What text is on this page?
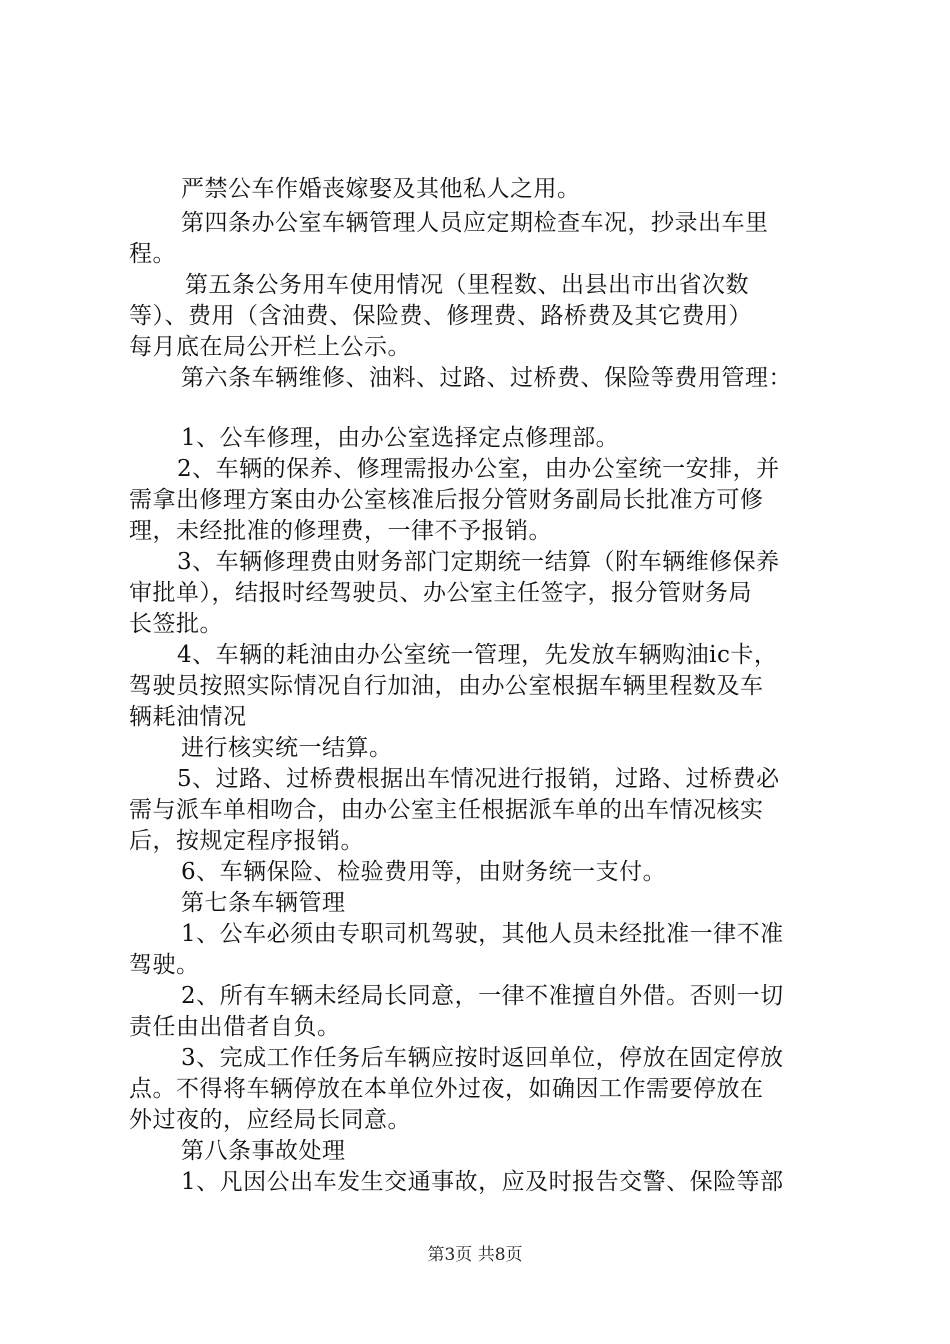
严禁公车作婚丧嫁娶及其他私人之用。
第四条办公室车辆管理人员应定期检查车况，抄录出车里
程。
第五条公务用车使用情况（里程数、出县出市出省次数
等）、费用（含油费、保险费、修理费、路桥费及其它费用）
每月底在局公开栏上公示。
第六条车辆维修、油料、过路、过桥费、保险等费用管理：
1、公车修理，由办公室选择定点修理部。
2、车辆的保养、修理需报办公室，由办公室统一安排，并
需拿出修理方案由办公室核准后报分管财务副局长批准方可修
理，未经批准的修理费，一律不予报销。
3、车辆修理费由财务部门定期统一结算（附车辆维修保养
审批单），结报时经驾驶员、办公室主任签字，报分管财务局
长签批。
4、车辆的耗油由办公室统一管理，先发放车辆购油ic卡，
驾驶员按照实际情况自行加油，由办公室根据车辆里程数及车
辆耗油情况
进行核实统一结算。
5、过路、过桥费根据出车情况进行报销，过路、过桥费必
需与派车单相吻合，由办公室主任根据派车单的出车情况核实
后，按规定程序报销。
6、车辆保险、检验费用等，由财务统一支付。
第七条车辆管理
1、公车必须由专职司机驾驶，其他人员未经批准一律不准
驾驶。
2、所有车辆未经局长同意，一律不准擅自外借。否则一切
责任由出借者自负。
3、完成工作任务后车辆应按时返回单位，停放在固定停放
点。不得将车辆停放在本单位外过夜，如确因工作需要停放在
外过夜的，应经局长同意。
第八条事故处理
1、凡因公出车发生交通事故，应及时报告交警、保险等部
第3页 共8页
